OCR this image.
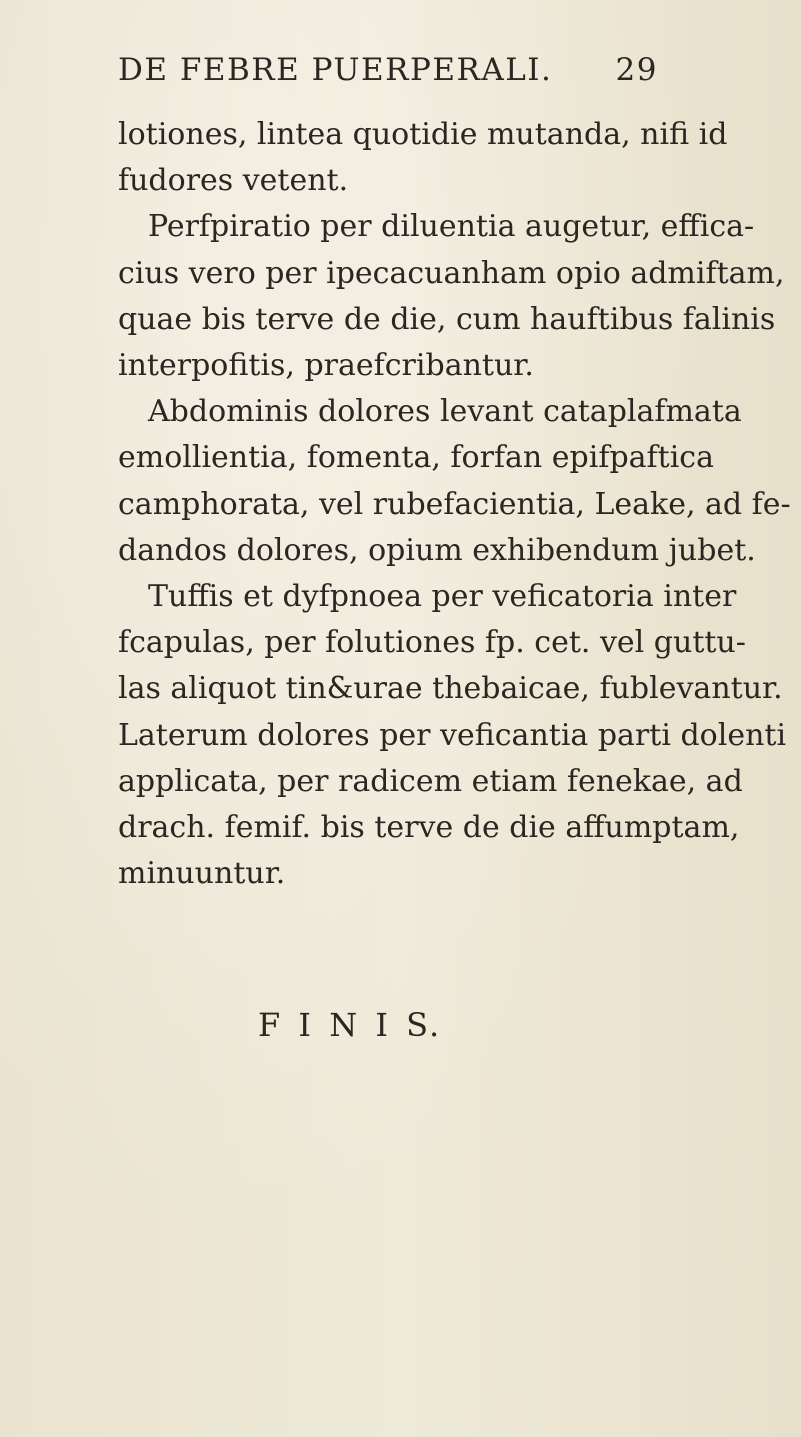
DE FEBRE PUERPERALI. 29
lotiones, lintea quotidie mutanda, nifi id
fudores vetent.
Perfpiratio per diluentia augetur, effica-
cius vero per ipecacuanham opio admiftam,
quae bis terve de die, cum hauftibus falinis
interpofitis, praefcribantur.
Abdominis dolores levant cataplafmata
emollientia, fomenta, forfan epifpaftica
camphorata, vel rubefacientia, Leake, ad fe-
dandos dolores, opium exhibendum jubet.
Tuffis et dyfpnoea per veficatoria inter
fcapulas, per folutiones fp. cet. vel guttu-
las aliquot tin&urae thebaicae, fublevantur.
Laterum dolores per veficantia parti dolenti
applicata, per radicem etiam fenekae, ad
drach. femif. bis terve de die affumptam,
minuuntur.
F I N I S.
